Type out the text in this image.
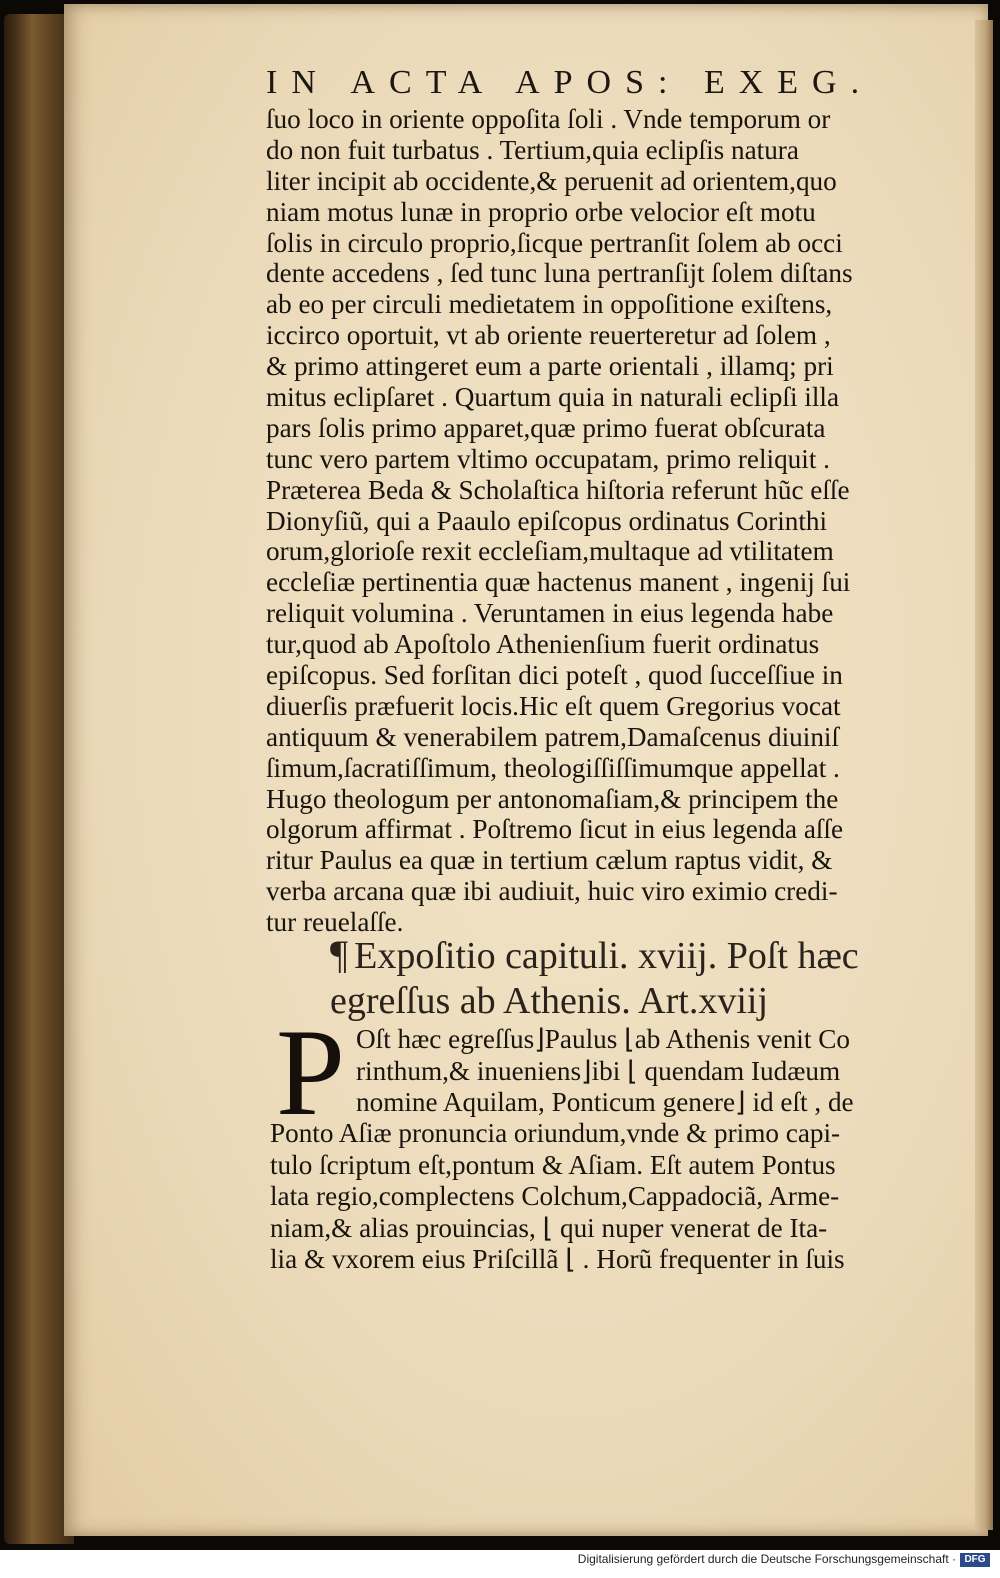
IN ACTA APOS: EXEG.
ſuo loco in oriente oppoſita ſoli . Vnde temporum or
do non fuit turbatus . Tertium,quia eclipſis natura
liter incipit ab occidente,& peruenit ad orientem,quo
niam motus lunæ in proprio orbe velocior eſt motu
ſolis in circulo proprio,ſicque pertranſit ſolem ab occi
dente accedens , ſed tunc luna pertranſijt ſolem diſtans
ab eo per circuli medietatem in oppoſitione exiſtens,
iccirco oportuit, vt ab oriente reuerteretur ad ſolem ,
& primo attingeret eum a parte orientali , illamq; pri
mitus eclipſaret . Quartum quia in naturali eclipſi illa
pars ſolis primo apparet,quæ primo fuerat obſcurata
tunc vero partem vltimo occupatam, primo reliquit .
Præterea Beda & Scholaſtica hiſtoria referunt hũc eſſe
Dionyſiũ, qui a Paaulo epiſcopus ordinatus Corinthi
orum,glorioſe rexit eccleſiam,multaque ad vtilitatem
eccleſiæ pertinentia quæ hactenus manent , ingenij ſui
reliquit volumina . Veruntamen in eius legenda habe
tur,quod ab Apoſtolo Athenienſium fuerit ordinatus
epiſcopus. Sed forſitan dici poteſt , quod ſucceſſiue in
diuerſis præfuerit locis.Hic eſt quem Gregorius vocat
antiquum & venerabilem patrem,Damaſcenus diuiniſ
ſimum,ſacratiſſimum, theologiſſiſſimumque appellat .
Hugo theologum per antonomaſiam,& principem the
olgorum affirmat . Poſtremo ſicut in eius legenda aſſe
ritur Paulus ea quæ in tertium cælum raptus vidit, &
verba arcana quæ ibi audiuit, huic viro eximio credi-
tur reuelaſſe.
¶ Expoſitio capituli. xviij. Poſt hæc
egreſſus ab Athenis. Art.xviij
P Oſt hæc egreſſus⌋Paulus ⌊ab Athenis venit Co
rinthum,& inueniens⌋ibi ⌊ quendam Iudæum
nomine Aquilam, Ponticum genere⌋ id eſt , de
Ponto Aſiæ pronuncia oriundum,vnde & primo capi-
tulo ſcriptum eſt,pontum & Aſiam. Eſt autem Pontus
lata regio,complectens Colchum,Cappadociã, Arme-
niam,& alias prouincias, ⌊ qui nuper venerat de Ita-
lia & vxorem eius Priſcillã ⌊ . Horũ frequenter in ſuis
Digitalisierung gefördert durch die Deutsche Forschungsgemeinschaft · DFG
